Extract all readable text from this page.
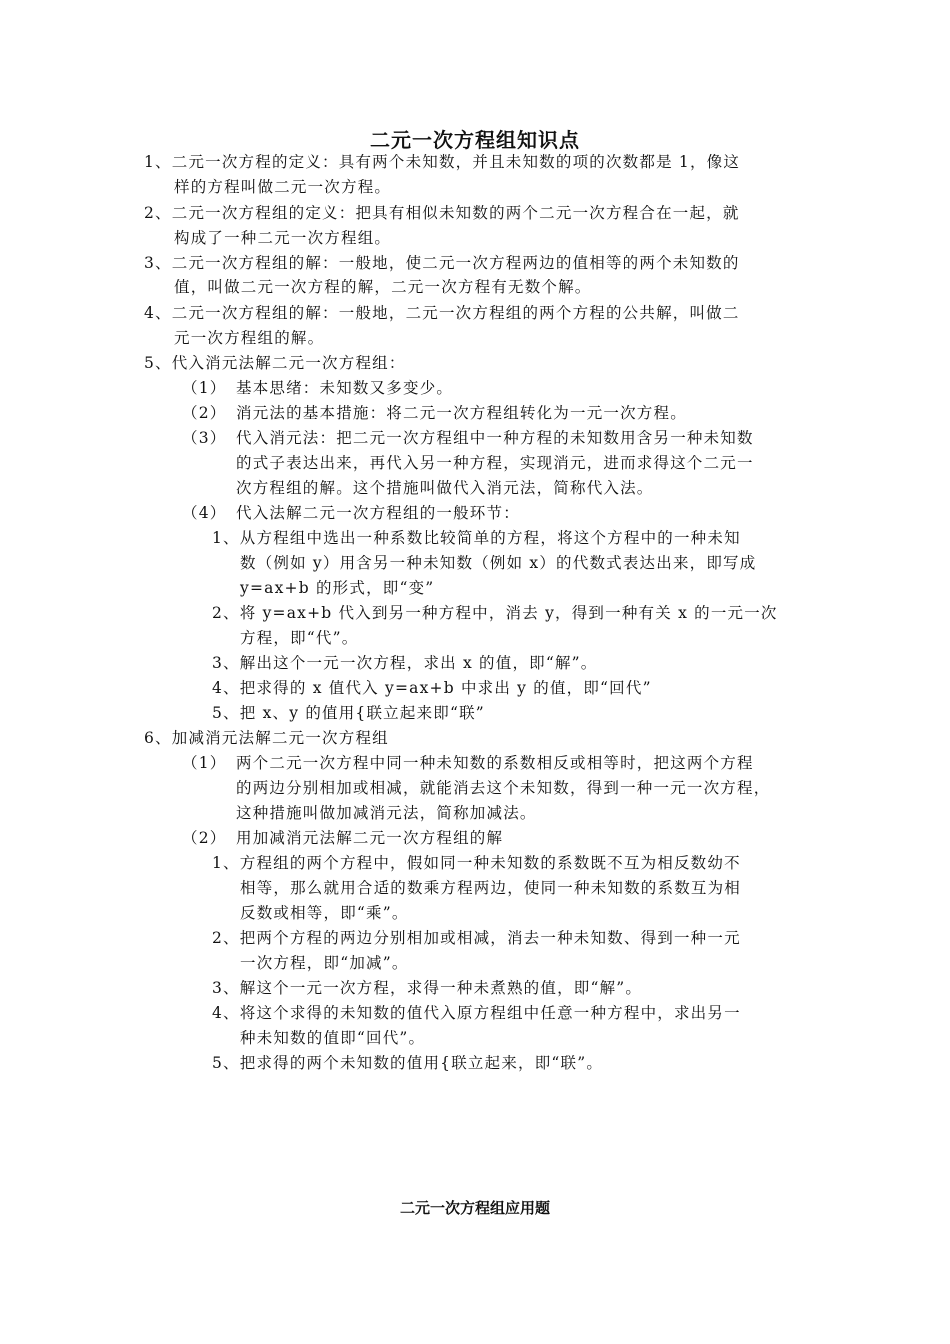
二元一次方程组知识点
1、二元一次方程的定义：具有两个未知数，并且未知数的项的次数都是 1，像这
样的方程叫做二元一次方程。
2、二元一次方程组的定义：把具有相似未知数的两个二元一次方程合在一起，就
构成了一种二元一次方程组。
3、二元一次方程组的解：一般地，使二元一次方程两边的值相等的两个未知数的
值，叫做二元一次方程的解，二元一次方程有无数个解。
4、二元一次方程组的解：一般地，二元一次方程组的两个方程的公共解，叫做二
元一次方程组的解。
5、代入消元法解二元一次方程组：
（1） 基本思绪：未知数又多变少。
（2） 消元法的基本措施：将二元一次方程组转化为一元一次方程。
（3） 代入消元法：把二元一次方程组中一种方程的未知数用含另一种未知数
的式子表达出来，再代入另一种方程，实现消元，进而求得这个二元一
次方程组的解。这个措施叫做代入消元法，简称代入法。
（4） 代入法解二元一次方程组的一般环节：
1、从方程组中选出一种系数比较简单的方程，将这个方程中的一种未知
数（例如 y）用含另一种未知数（例如 x）的代数式表达出来，即写成
y=ax+b 的形式，即“变”
2、将 y=ax+b 代入到另一种方程中，消去 y，得到一种有关 x 的一元一次
方程，即“代”。
3、解出这个一元一次方程，求出 x 的值，即“解”。
4、把求得的 x 值代入 y=ax+b 中求出 y 的值，即“回代”
5、把 x、y 的值用{联立起来即“联”
6、加减消元法解二元一次方程组
（1） 两个二元一次方程中同一种未知数的系数相反或相等时，把这两个方程
的两边分别相加或相减，就能消去这个未知数，得到一种一元一次方程，
这种措施叫做加减消元法，简称加减法。
（2） 用加减消元法解二元一次方程组的解
1、方程组的两个方程中，假如同一种未知数的系数既不互为相反数幼不
相等，那么就用合适的数乘方程两边，使同一种未知数的系数互为相
反数或相等，即“乘”。
2、把两个方程的两边分别相加或相减，消去一种未知数、得到一种一元
一次方程，即“加减”。
3、解这个一元一次方程，求得一种未煮熟的值，即“解”。
4、将这个求得的未知数的值代入原方程组中任意一种方程中，求出另一
种未知数的值即“回代”。
5、把求得的两个未知数的值用{联立起来，即“联”。
二元一次方程组应用题
